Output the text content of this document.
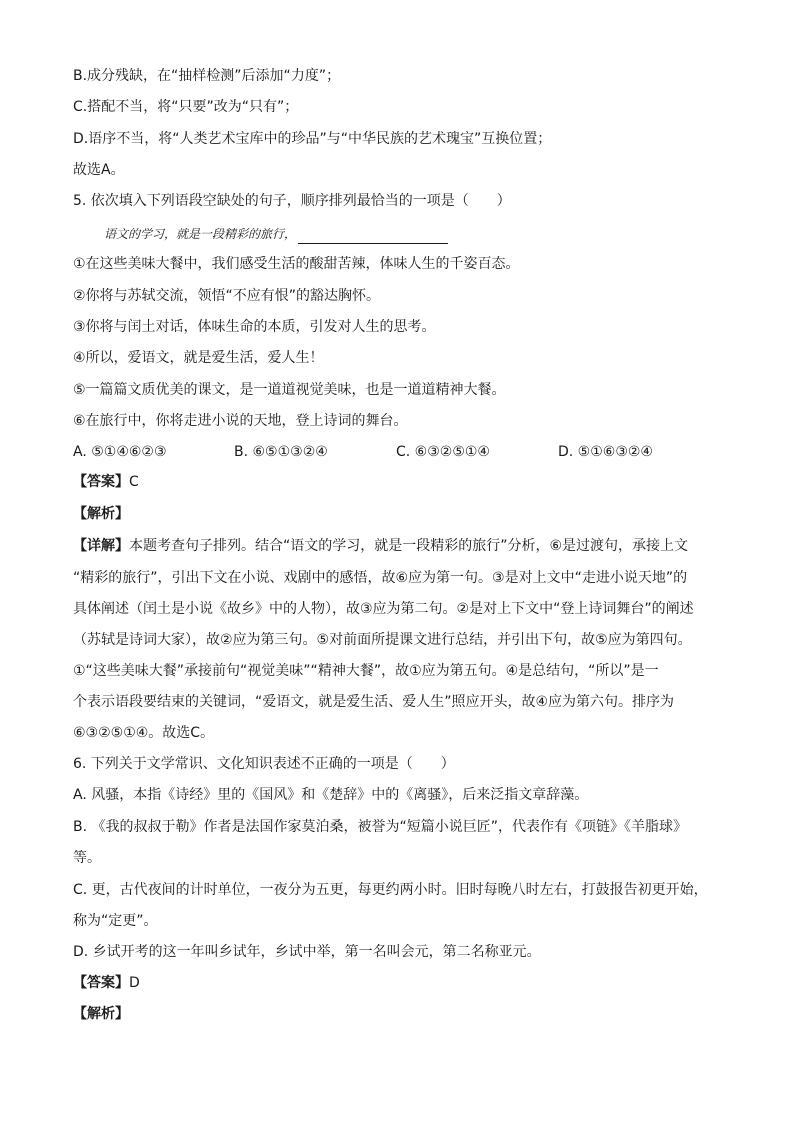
B.成分残缺，在“抽样检测”后添加“力度”；
C.搭配不当，将“只要”改为“只有”；
D.语序不当，将“人类艺术宝库中的珍品”与“中华民族的艺术瑰宝”互换位置；
故选A。
5. 依次填入下列语段空缺处的句子，顺序排列最恰当的一项是（　　）
语文的学习，就是一段精彩的旅行，
①在这些美味大餐中，我们感受生活的酸甜苦辣，体味人生的千姿百态。
②你将与苏轼交流，领悟“不应有恨”的豁达胸怀。
③你将与闰土对话，体味生命的本质，引发对人生的思考。
④所以，爱语文，就是爱生活，爱人生！
⑤一篇篇文质优美的课文，是一道道视觉美味，也是一道道精神大餐。
⑥在旅行中，你将走进小说的天地，登上诗词的舞台。
A. ⑤①④⑥②③	B. ⑥⑤①③②④	C. ⑥③②⑤①④	D. ⑤①⑥③②④
【答案】C
【解析】
【详解】本题考查句子排列。结合“语文的学习，就是一段精彩的旅行”分析，⑥是过渡句，承接上文
“精彩的旅行”，引出下文在小说、戏剧中的感悟，故⑥应为第一句。③是对上文中“走进小说天地”的
具体阐述（闰土是小说《故乡》中的人物），故③应为第二句。②是对上下文中“登上诗词舞台”的阐述
（苏轼是诗词大家），故②应为第三句。⑤对前面所提课文进行总结，并引出下句，故⑤应为第四句。
①“这些美味大餐”承接前句“视觉美味”“精神大餐”，故①应为第五句。④是总结句，“所以”是一
个表示语段要结束的关键词，“爱语文，就是爱生活、爱人生”照应开头，故④应为第六句。排序为
⑥③②⑤①④。故选C。
6. 下列关于文学常识、文化知识表述不正确的一项是（　　）
A. 风骚，本指《诗经》里的《国风》和《楚辞》中的《离骚》，后来泛指文章辞藻。
B. 《我的叔叔于勒》作者是法国作家莫泊桑，被誉为“短篇小说巨匠”，代表作有《项链》《羊脂球》
等。
C. 更，古代夜间的计时单位，一夜分为五更，每更约两小时。旧时每晚八时左右，打鼓报告初更开始，
称为“定更”。
D. 乡试开考的这一年叫乡试年，乡试中举，第一名叫会元，第二名称亚元。
【答案】D
【解析】
